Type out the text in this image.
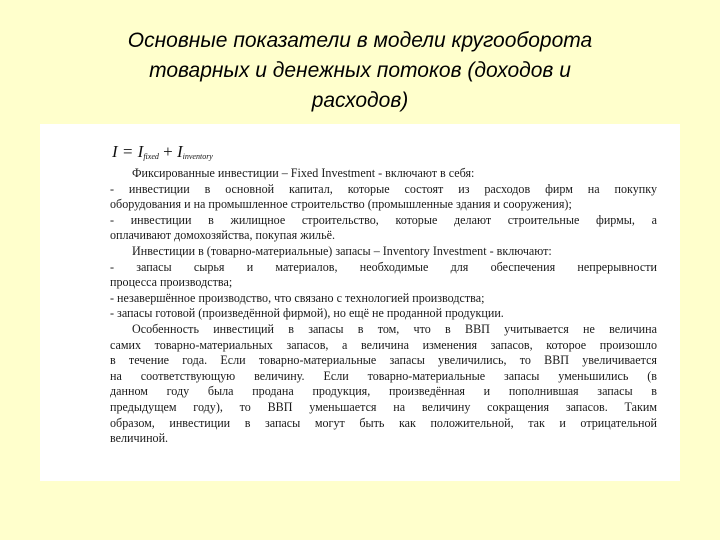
Основные показатели в модели кругооборота
товарных и денежных потоков (доходов и
расходов)
$I = I_{fixed} + I_{inventory}$
Фиксированные инвестиции – Fixed Investment - включают в себя:
- инвестиции в основной капитал, которые состоят из расходов фирм на покупку
оборудования и на промышленное строительство (промышленные здания и сооружения);
- инвестиции в жилищное строительство, которые делают строительные фирмы, а
оплачивают домохозяйства, покупая жильё.
Инвестиции в (товарно-материальные) запасы – Inventory Investment - включают:
- запасы сырья и материалов, необходимые для обеспечения непрерывности
процесса производства;
- незавершённое производство, что связано с технологией производства;
- запасы готовой (произведённой фирмой), но ещё не проданной продукции.
Особенность инвестиций в запасы в том, что в ВВП учитывается не величина
самих товарно-материальных запасов, а величина изменения запасов, которое произошло
в течение года. Если товарно-материальные запасы увеличились, то ВВП увеличивается
на соответствующую величину. Если товарно-материальные запасы уменьшились (в
данном году была продана продукция, произведённая и пополнившая запасы в
предыдущем году), то ВВП уменьшается на величину сокращения запасов. Таким
образом, инвестиции в запасы могут быть как положительной, так и отрицательной
величиной.
